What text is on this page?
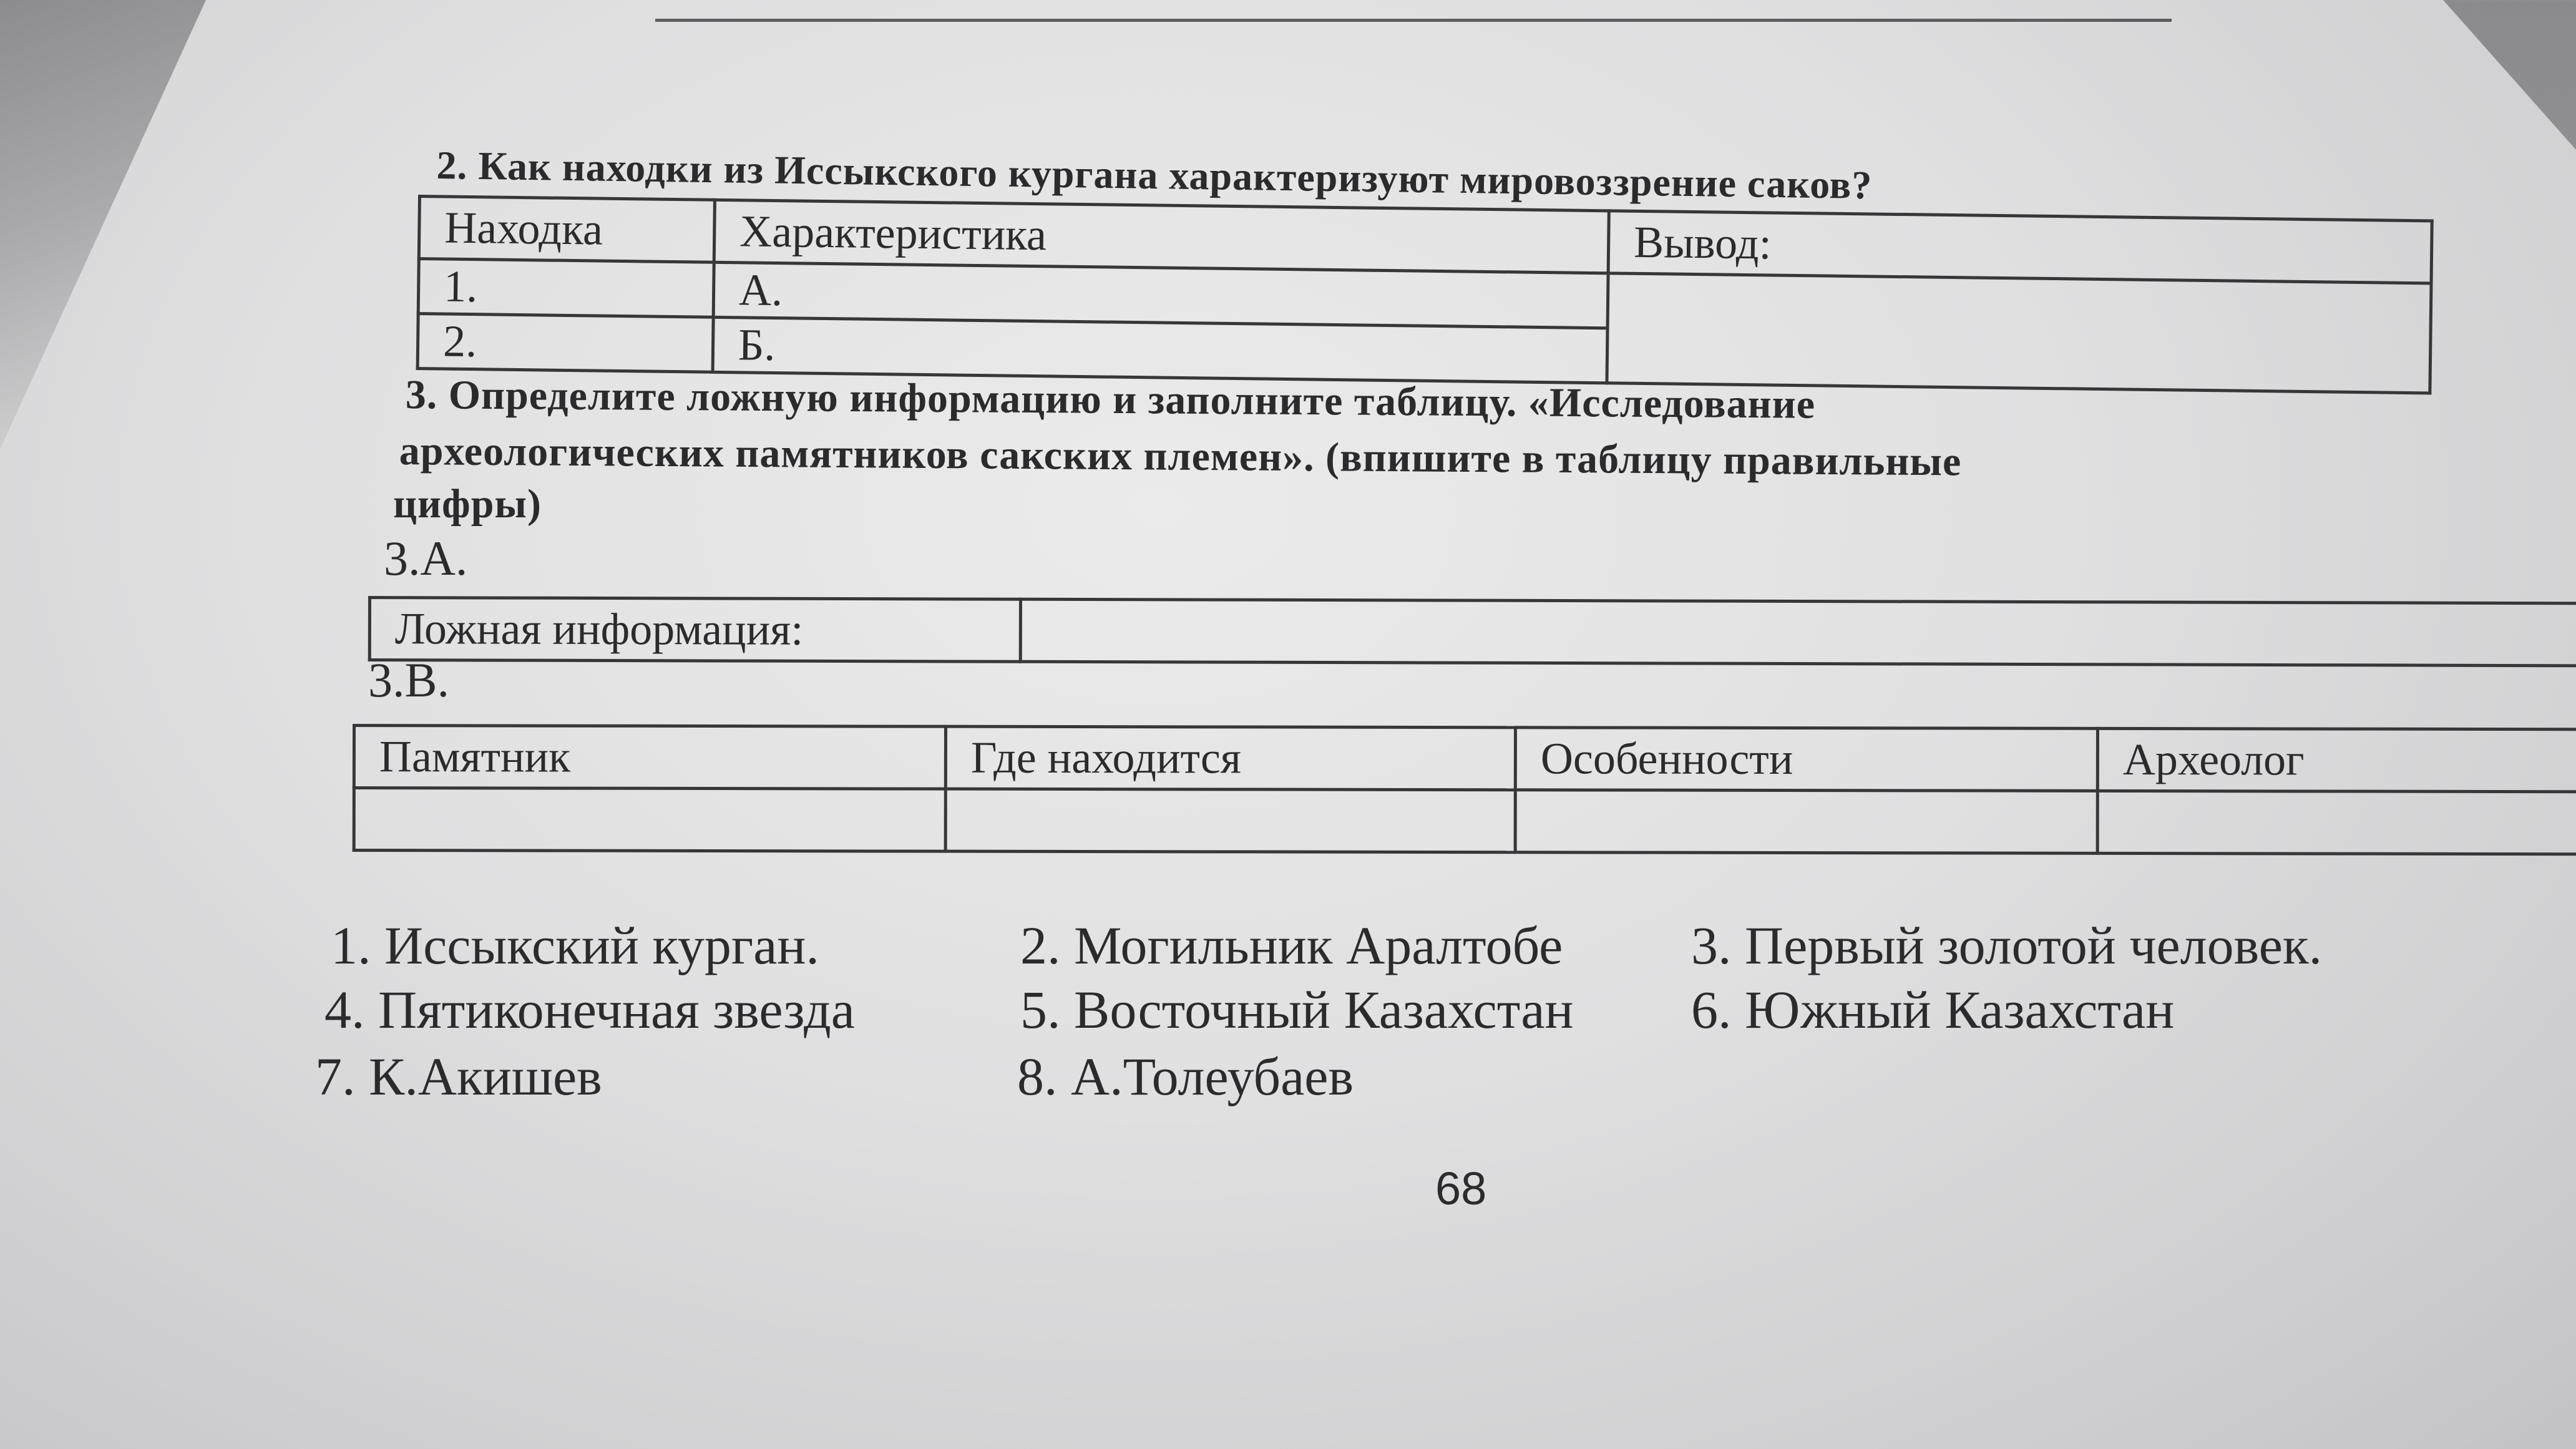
2. Как находки из Иссыкского кургана характеризуют мировоззрение саков?
Находка	Характеристика	Вывод:
1.	А.	
2.	Б.	
3. Определите ложную информацию и заполните таблицу. «Исследование
археологических памятников сакских племен». (впишите в таблицу правильные
цифры)
3.А.
Ложная информация:	
3.В.
Памятник	Где находится	Особенности	Археолог

1. Иссыкский курган.	2. Могильник Аралтобе 3. Первый золотой человек.
4. Пятиконечная звезда	5. Восточный Казахстан 6. Южный Казахстан
7. К.Акишев	8. А.Толеубаев
68
